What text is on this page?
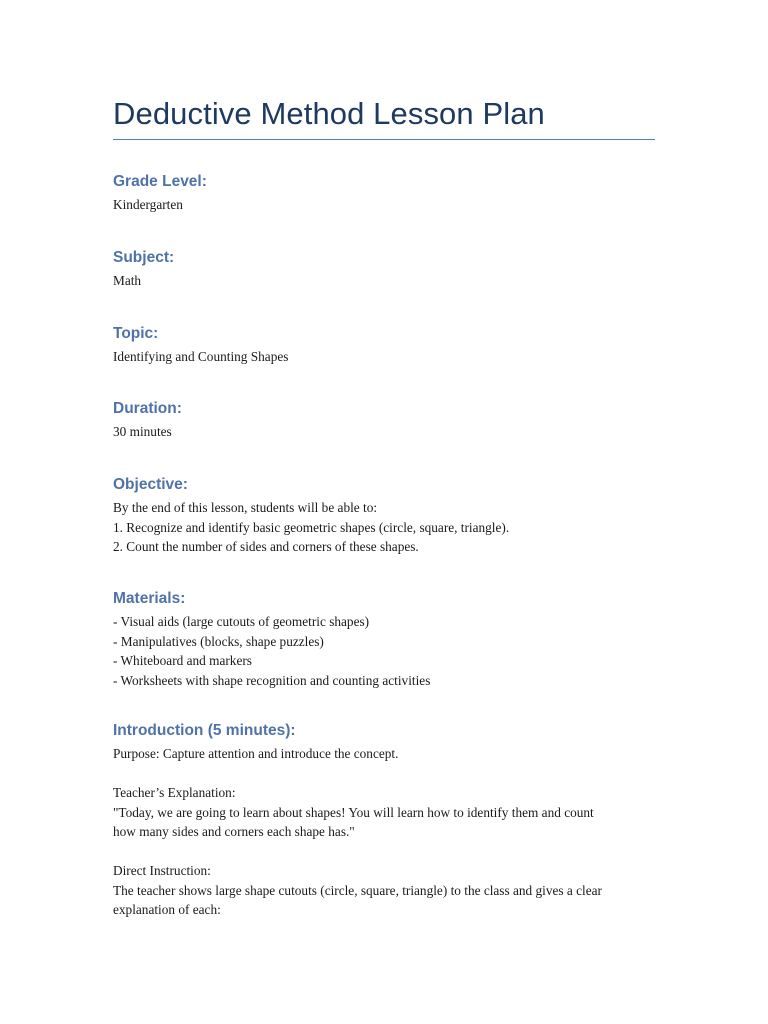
Deductive Method Lesson Plan
Grade Level:
Kindergarten
Subject:
Math
Topic:
Identifying and Counting Shapes
Duration:
30 minutes
Objective:
By the end of this lesson, students will be able to:
1. Recognize and identify basic geometric shapes (circle, square, triangle).
2. Count the number of sides and corners of these shapes.
Materials:
- Visual aids (large cutouts of geometric shapes)
- Manipulatives (blocks, shape puzzles)
- Whiteboard and markers
- Worksheets with shape recognition and counting activities
Introduction (5 minutes):
Purpose: Capture attention and introduce the concept.
Teacher’s Explanation:
"Today, we are going to learn about shapes! You will learn how to identify them and count
how many sides and corners each shape has."
Direct Instruction:
The teacher shows large shape cutouts (circle, square, triangle) to the class and gives a clear
explanation of each:
